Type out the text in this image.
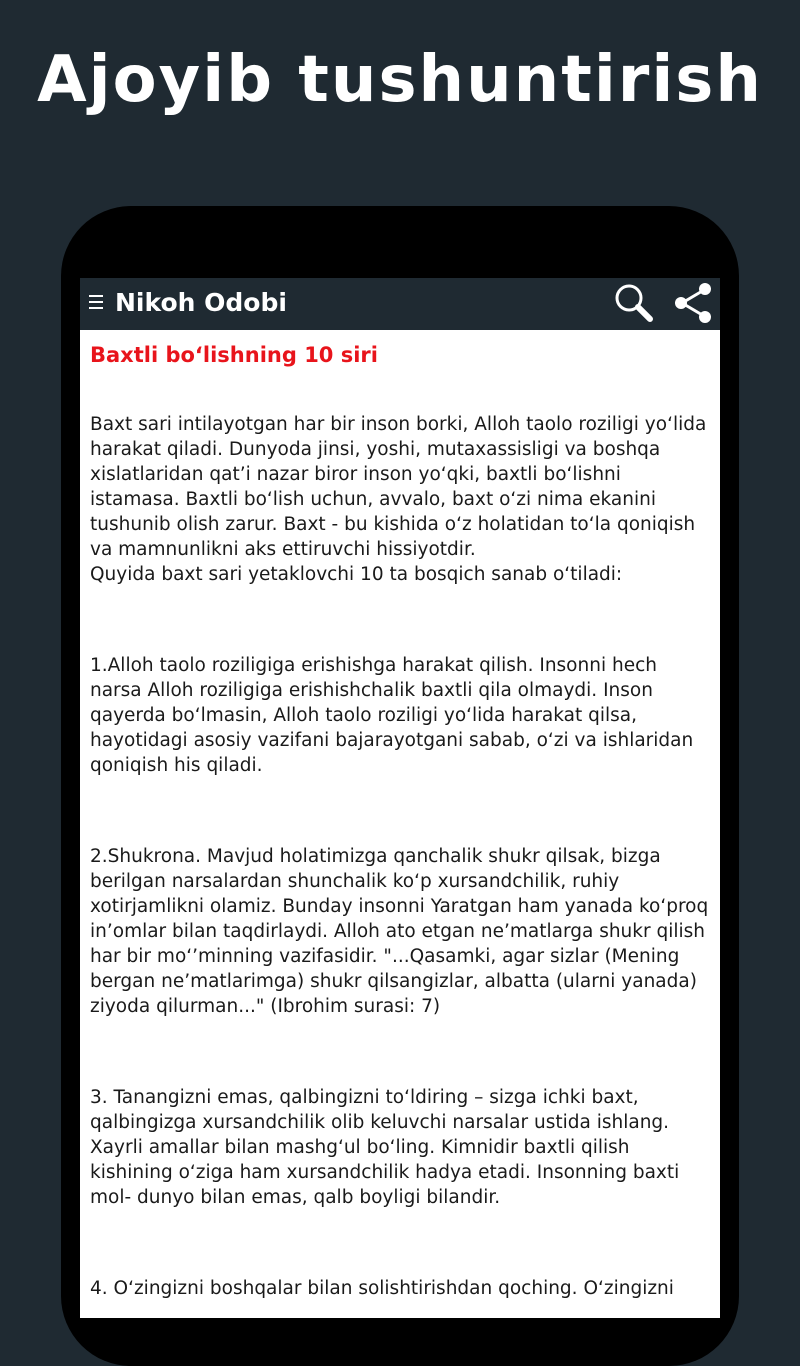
Ajoyib tushuntirish
Nikoh Odobi
Baxtli bo‘lishning 10 siri

Baxt sari intilayotgan har bir inson borki, Alloh taolo roziligi yo‘lida harakat qiladi. Dunyoda jinsi, yoshi, mutaxassisligi va boshqa xislatlaridan qat’i nazar biror inson yo‘qki, baxtli bo‘lishni istamasa. Baxtli bo‘lish uchun, avvalo, baxt o‘zi nima ekanini tushunib olish zarur. Baxt - bu kishida o‘z holatidan to‘la qoniqish va mamnunlikni aks ettiruvchi hissiyotdir.
Quyida baxt sari yetaklovchi 10 ta bosqich sanab o‘tiladi:

1.Alloh taolo roziligiga erishishga harakat qilish. Insonni hech narsa Alloh roziligiga erishishchalik baxtli qila olmaydi. Inson qayerda bo‘lmasin, Alloh taolo roziligi yo‘lida harakat qilsa, hayotidagi asosiy vazifani bajarayotgani sabab, o‘zi va ishlaridan qoniqish his qiladi.

2.Shukrona. Mavjud holatimizga qanchalik shukr qilsak, bizga berilgan narsalardan shunchalik ko‘p xursandchilik, ruhiy xotirjamlikni olamiz. Bunday insonni Yaratgan ham yanada ko‘proq in’omlar bilan taqdirlaydi. Alloh ato etgan ne’matlarga shukr qilish har bir mo‘’minning vazifasidir. "...Qasamki, agar sizlar (Mening bergan ne’matlarimga) shukr qilsangizlar, albatta (ularni yanada) ziyoda qilurman..." (Ibrohim surasi: 7)

3. Tanangizni emas, qalbingizni to‘ldiring – sizga ichki baxt, qalbingizga xursandchilik olib keluvchi narsalar ustida ishlang. Xayrli amallar bilan mashg‘ul bo‘ling. Kimnidir baxtli qilish kishining o‘ziga ham xursandchilik hadya etadi. Insonning baxti mol- dunyo bilan emas, qalb boyligi bilandir.

4. O‘zingizni boshqalar bilan solishtirishdan qoching. O‘zingizni
